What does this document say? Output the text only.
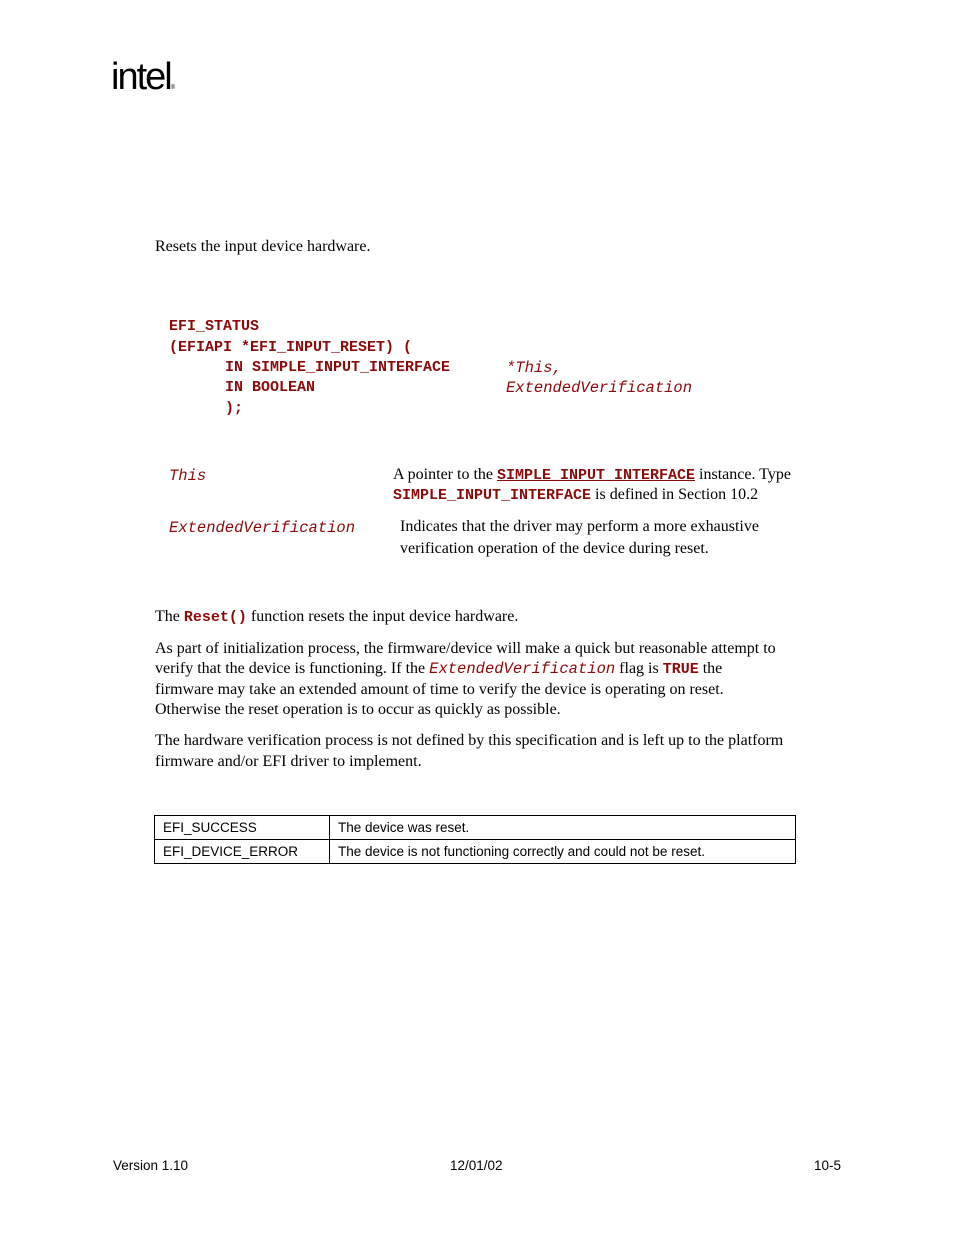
intel®
Resets the input device hardware.
EFI_STATUS
(EFIAPI *EFI_INPUT_RESET) (
IN SIMPLE_INPUT_INTERFACE	*This,
IN BOOLEAN	ExtendedVerification
);
This	A pointer to the SIMPLE_INPUT_INTERFACE instance. Type
SIMPLE_INPUT_INTERFACE is defined in Section 10.2
ExtendedVerification	Indicates that the driver may perform a more exhaustive
verification operation of the device during reset.
The Reset() function resets the input device hardware.
As part of initialization process, the firmware/device will make a quick but reasonable attempt to
verify that the device is functioning. If the ExtendedVerification flag is TRUE the
firmware may take an extended amount of time to verify the device is operating on reset.
Otherwise the reset operation is to occur as quickly as possible.
The hardware verification process is not defined by this specification and is left up to the platform
firmware and/or EFI driver to implement.
EFI_SUCCESS	The device was reset.
EFI_DEVICE_ERROR	The device is not functioning correctly and could not be reset.
Version 1.10	12/01/02	10-5
